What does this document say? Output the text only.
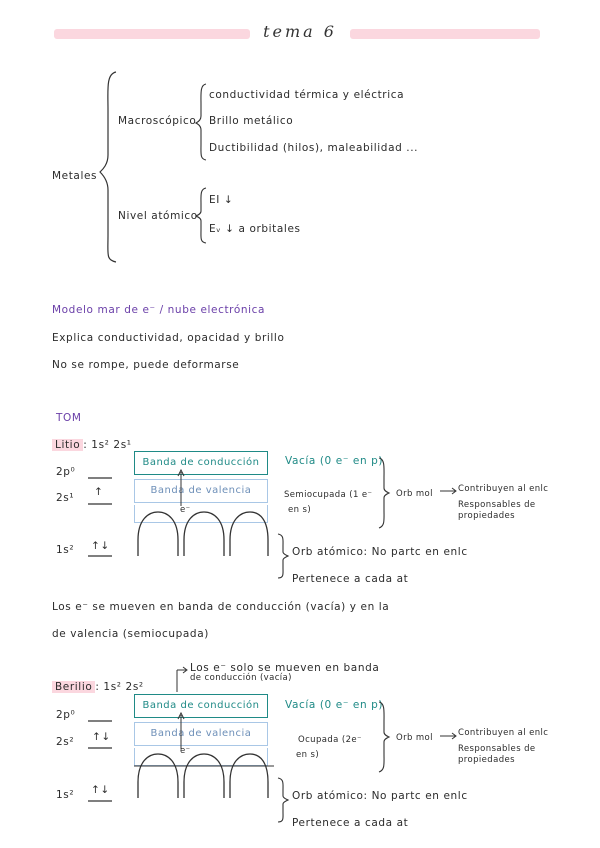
tema 6
Metales
Macroscópico
conductividad térmica y eléctrica
Brillo metálico
Ductibilidad (hilos), maleabilidad ...
Nivel atómico
EI ↓
Eᵥ ↓ a orbitales
Modelo mar de e⁻ / nube electrónica
Explica conductividad, opacidad y brillo
No se rompe, puede deformarse
TOM
Litio : 1s² 2s¹
2p⁰
2s¹ ↑
1s² ↑↓
Banda de conducción
Banda de valencia
e⁻
Vacía (0 e⁻ en p)
Semiocupada (1 e⁻
en s)
Orb mol	Contribuyen al enlc
Responsables de
propiedades
Orb atómico: No partc en enlc
Pertenece a cada at
Los e⁻ se mueven en banda de conducción (vacía) y en la
de valencia (semiocupada)
Los e⁻ solo se mueven en banda
de conducción (vacía)
Berilio : 1s² 2s²
2p⁰
2s² ↑↓
1s² ↑↓
Banda de conducción
Banda de valencia
e⁻
Vacía (0 e⁻ en p)
Ocupada (2e⁻
en s)
Orb mol	Contribuyen al enlc
Responsables de
propiedades
Orb atómico: No partc en enlc
Pertenece a cada at
